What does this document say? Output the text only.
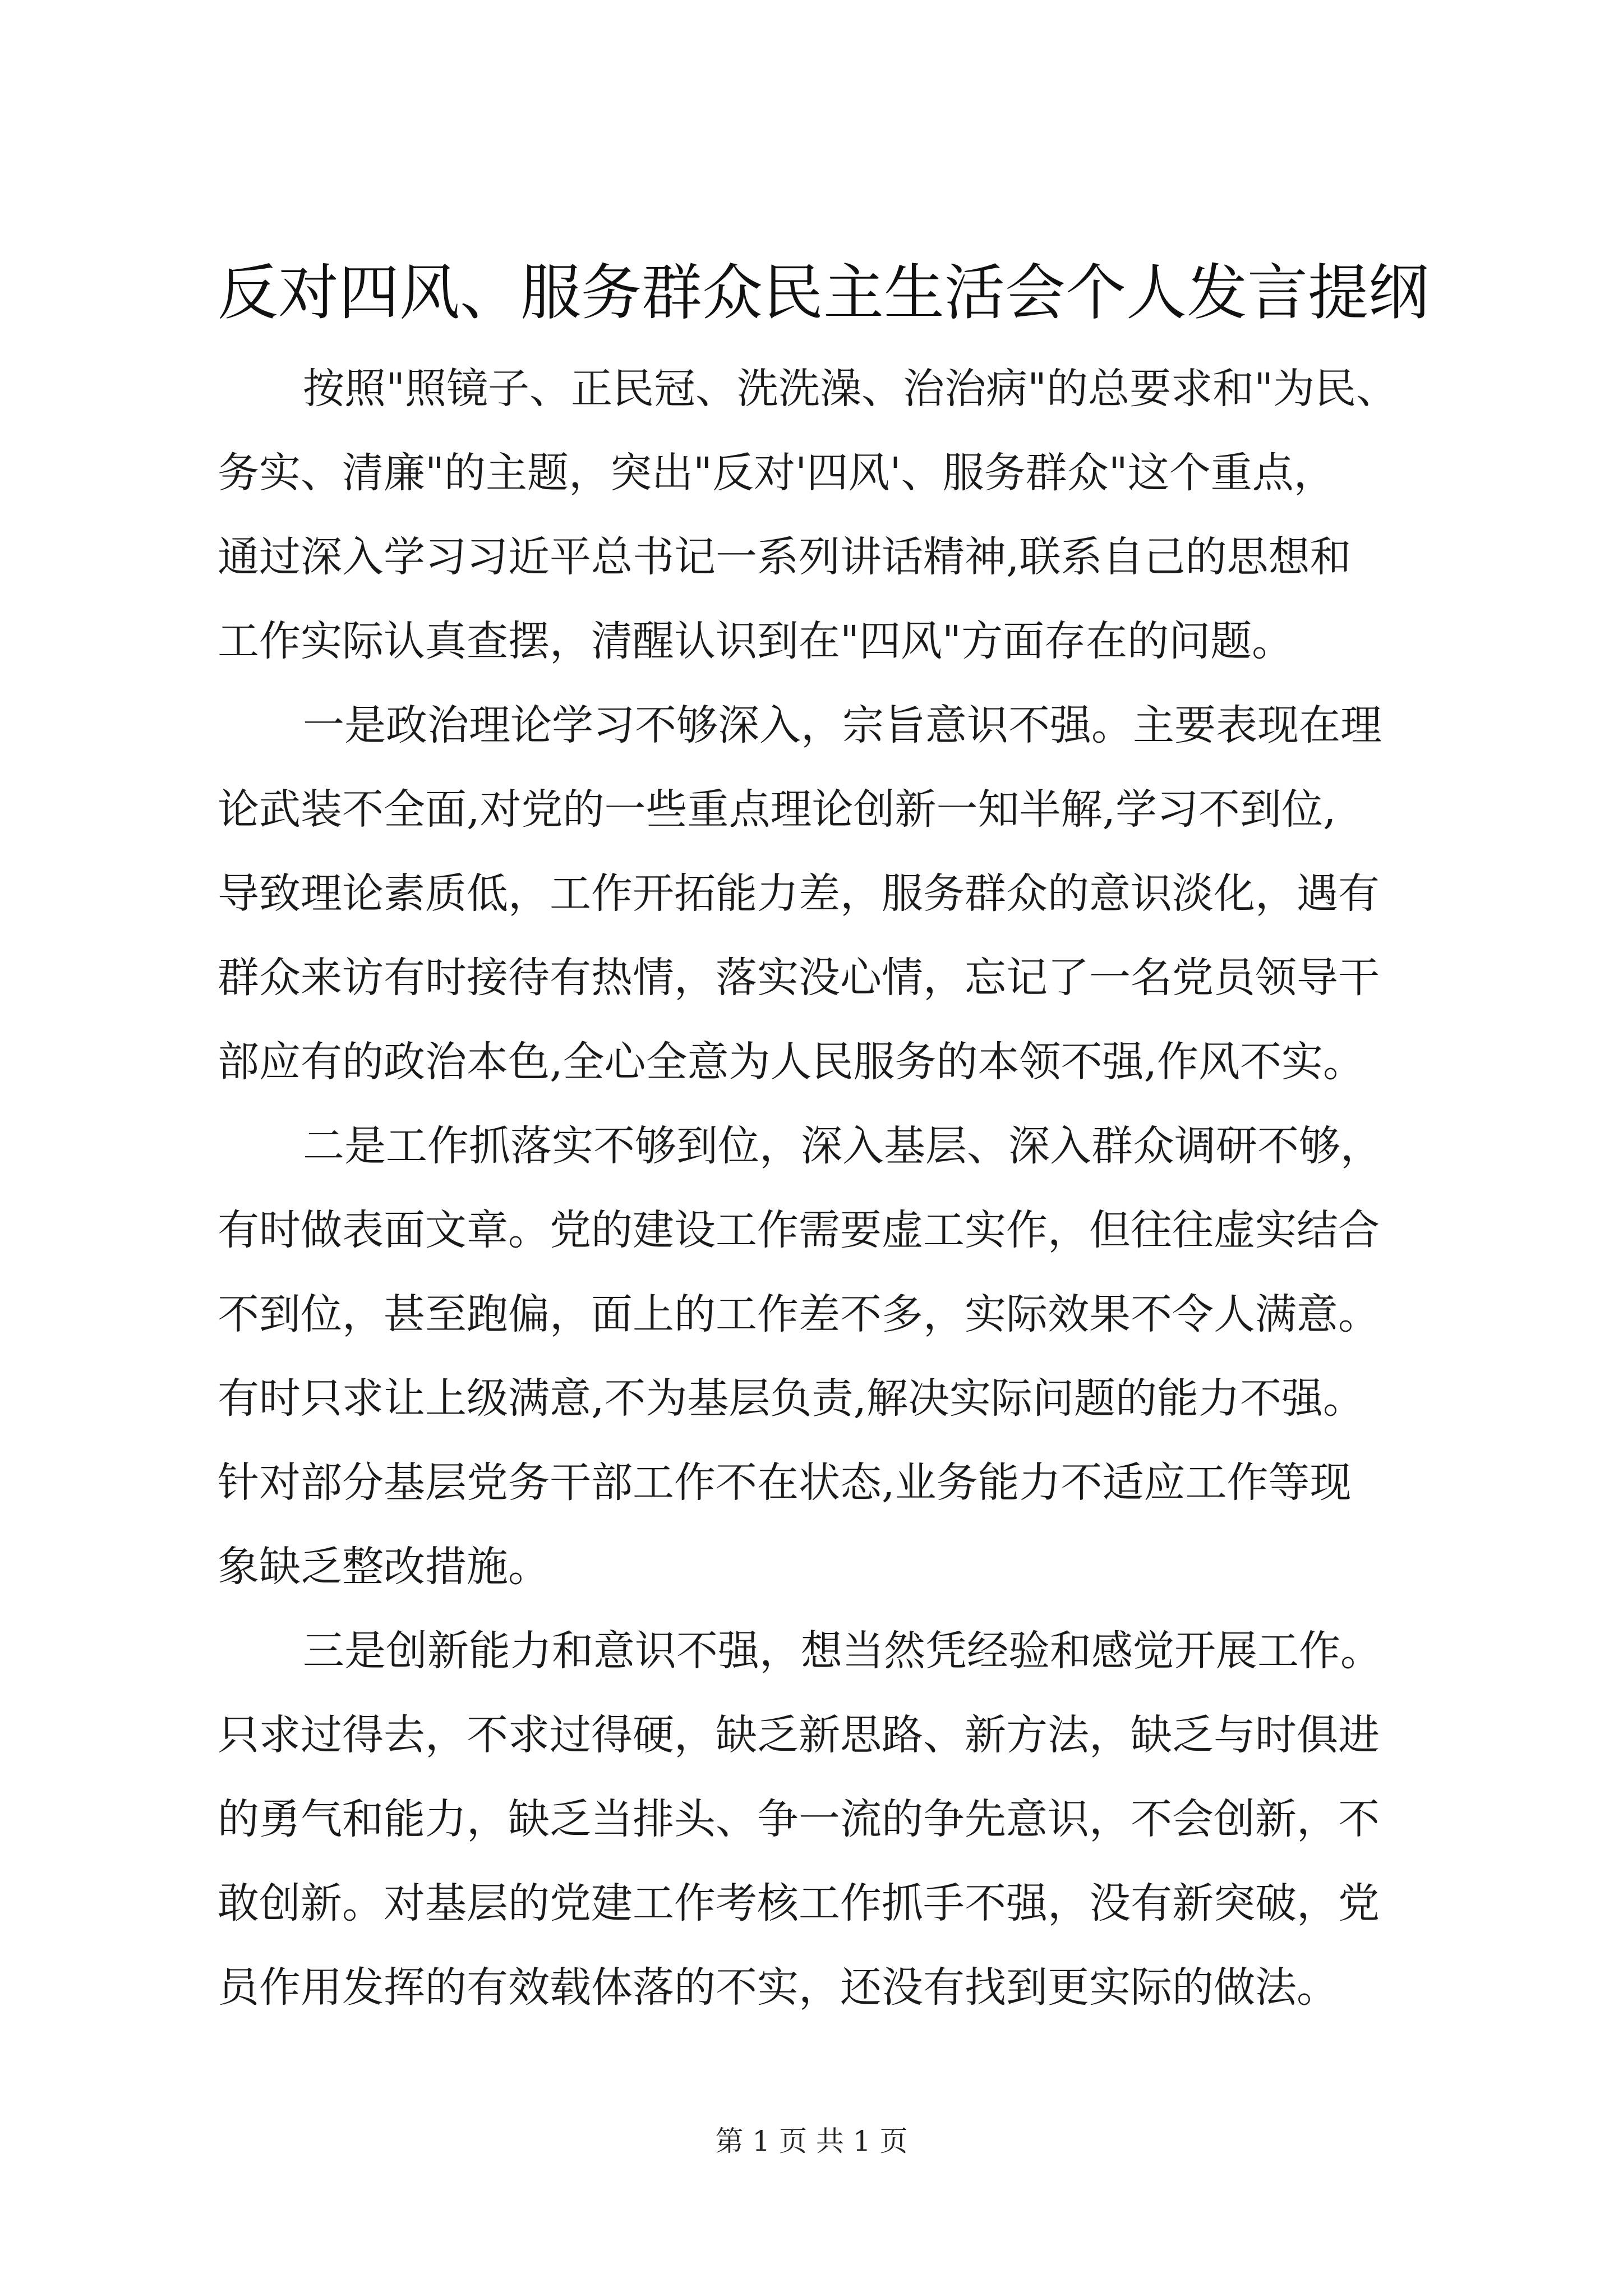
反对四风、服务群众民主生活会个人发言提纲

按照"照镜子、正民冠、洗洗澡、治治病"的总要求和"为民、
务实、清廉"的主题，突出"反对'四风'、服务群众"这个重点，
通过深入学习习近平总书记一系列讲话精神,联系自己的思想和
工作实际认真查摆，清醒认识到在"四风"方面存在的问题。

一是政治理论学习不够深入，宗旨意识不强。主要表现在理
论武装不全面,对党的一些重点理论创新一知半解,学习不到位,
导致理论素质低，工作开拓能力差，服务群众的意识淡化，遇有
群众来访有时接待有热情，落实没心情，忘记了一名党员领导干
部应有的政治本色,全心全意为人民服务的本领不强,作风不实。

二是工作抓落实不够到位，深入基层、深入群众调研不够，
有时做表面文章。党的建设工作需要虚工实作，但往往虚实结合
不到位，甚至跑偏，面上的工作差不多，实际效果不令人满意。
有时只求让上级满意,不为基层负责,解决实际问题的能力不强。
针对部分基层党务干部工作不在状态,业务能力不适应工作等现
象缺乏整改措施。

三是创新能力和意识不强，想当然凭经验和感觉开展工作。
只求过得去，不求过得硬，缺乏新思路、新方法，缺乏与时俱进
的勇气和能力，缺乏当排头、争一流的争先意识，不会创新，不
敢创新。对基层的党建工作考核工作抓手不强，没有新突破，党
员作用发挥的有效载体落的不实，还没有找到更实际的做法。

第 1 页 共 1 页
